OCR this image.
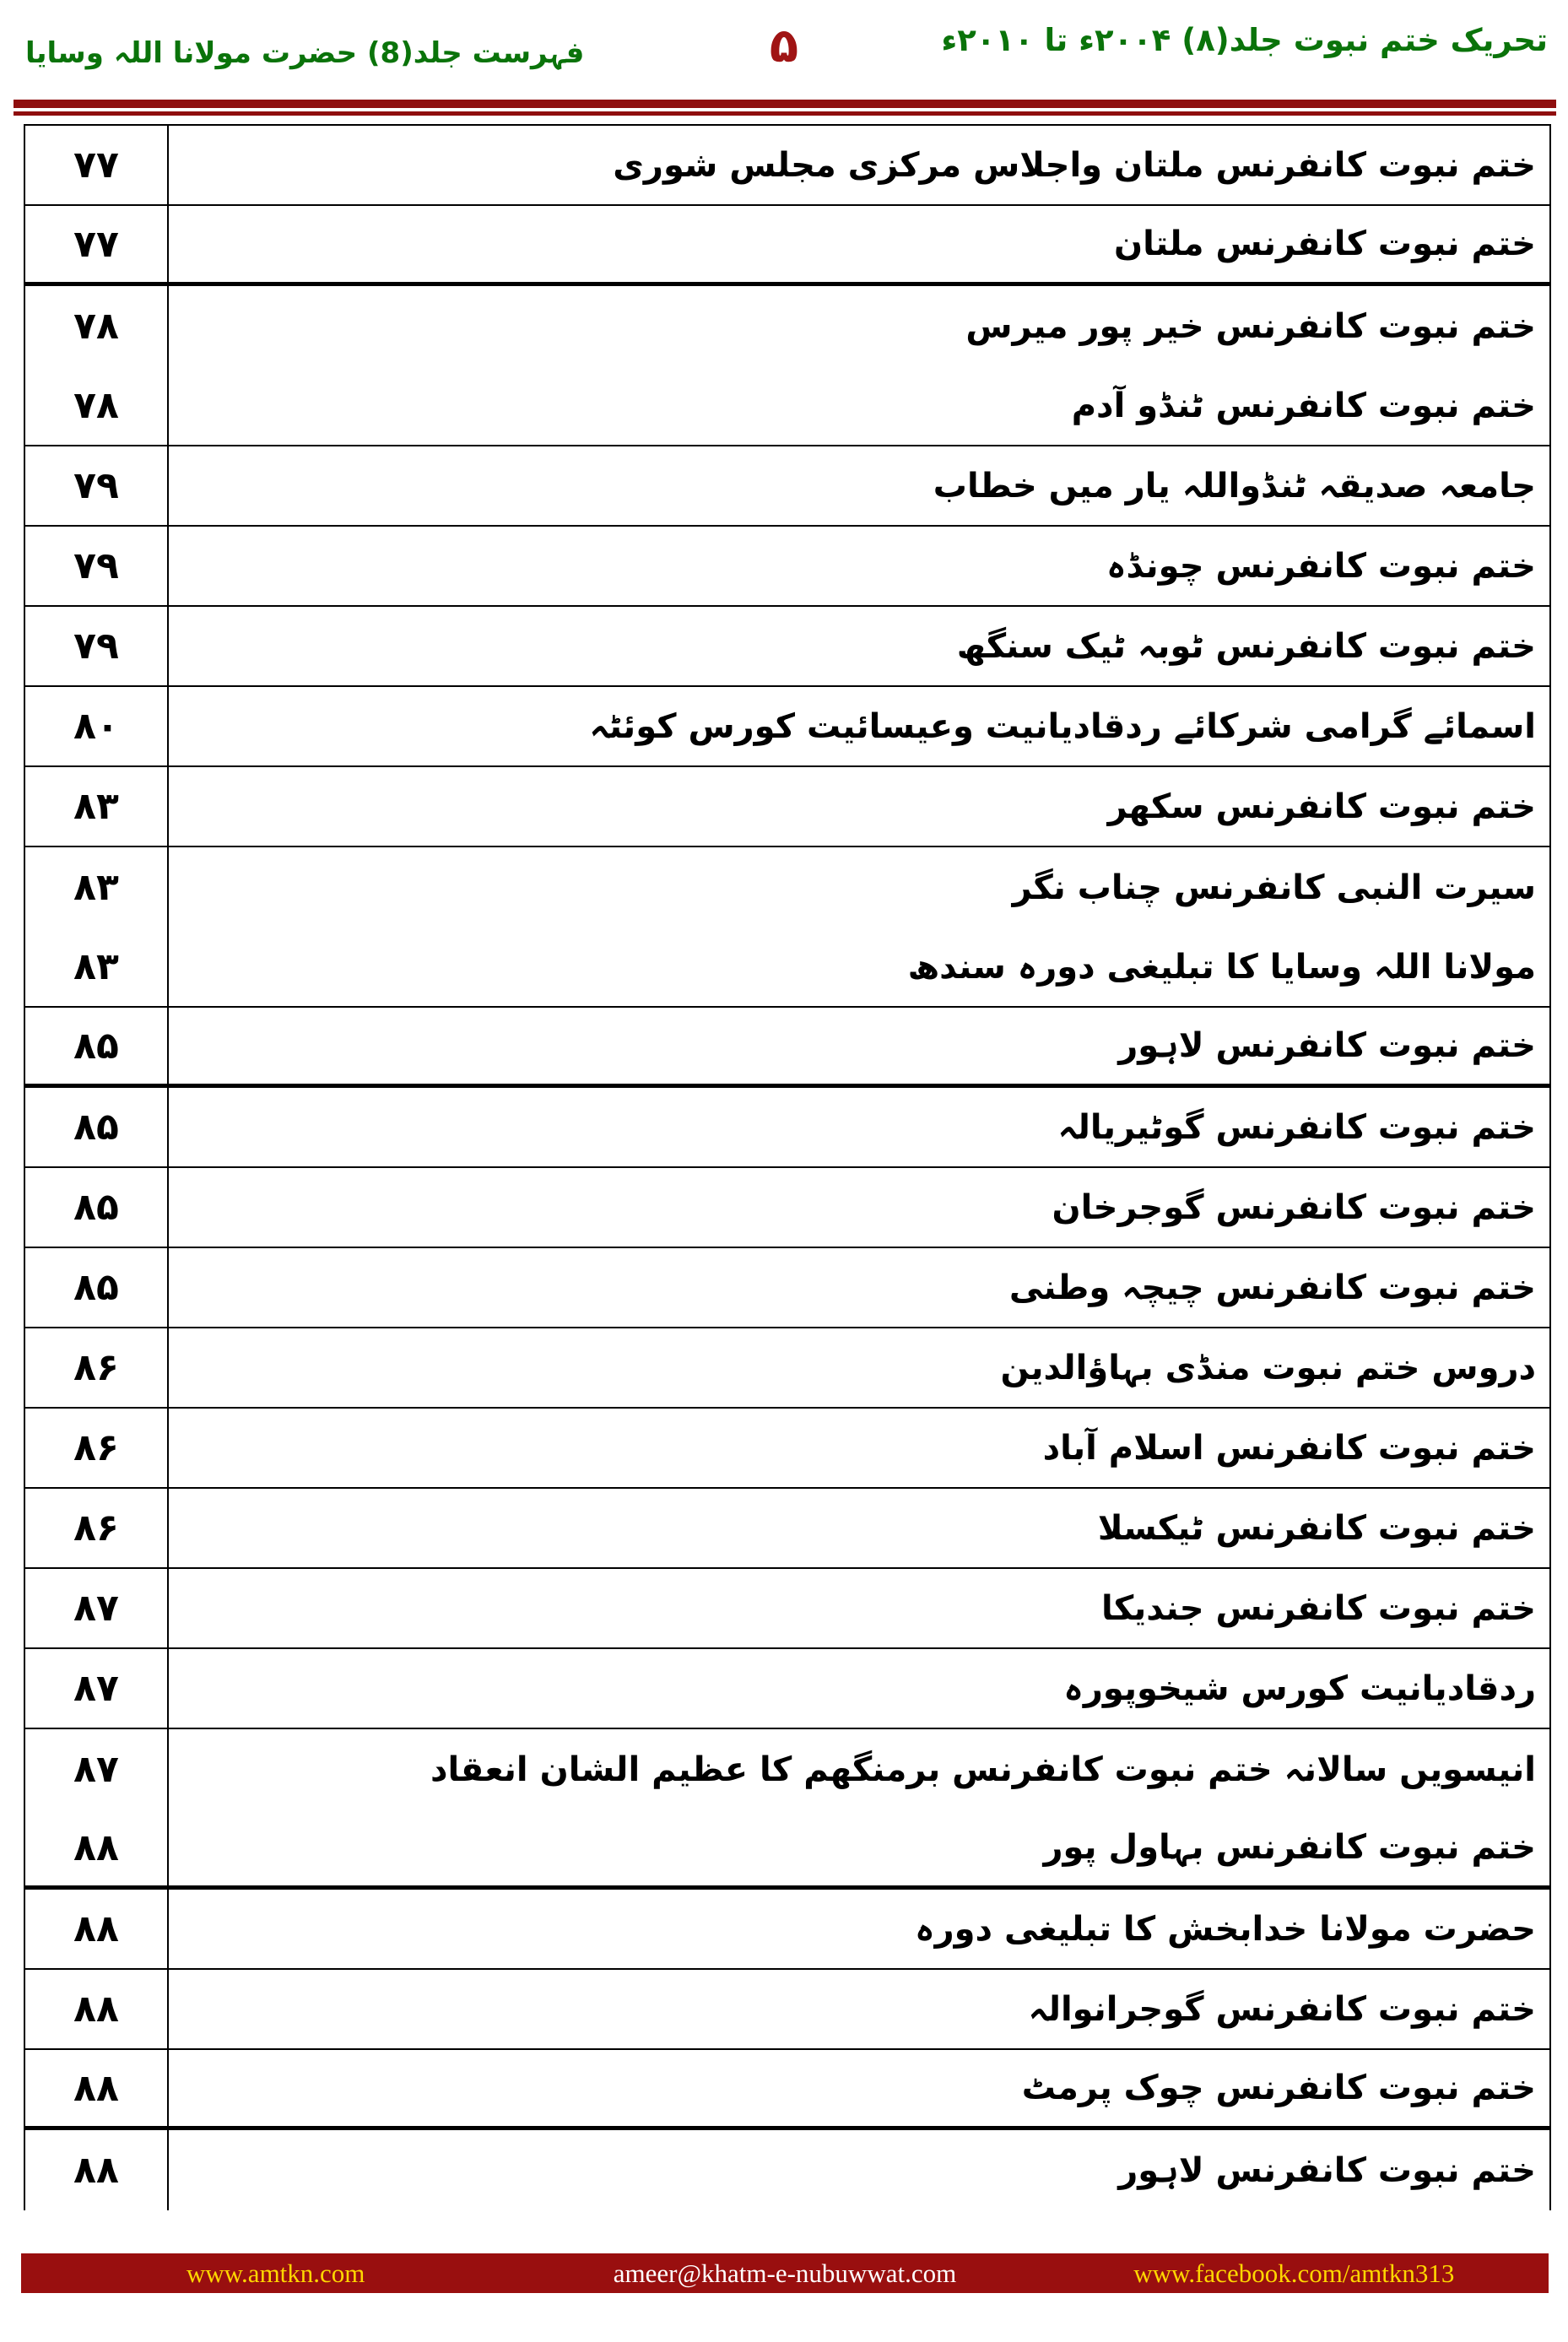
تحریک ختم نبوت جلد(۸) ۲۰۰۴ء تا ۲۰۱۰ء
۵
فہرست جلد(8) حضرت مولانا اللہ وسایا
۷۷	ختم نبوت کانفرنس ملتان واجلاس مرکزی مجلس شوری
۷۷	ختم نبوت کانفرنس ملتان
۷۸	ختم نبوت کانفرنس خیر پور میرس
۷۸	ختم نبوت کانفرنس ٹنڈو آدم
۷۹	جامعہ صدیقہ ٹنڈواللہ یار میں خطاب
۷۹	ختم نبوت کانفرنس چونڈہ
۷۹	ختم نبوت کانفرنس ٹوبہ ٹیک سنگھ
۸۰	اسمائے گرامی شرکائے ردقادیانیت وعیسائیت کورس کوئٹہ
۸۳	ختم نبوت کانفرنس سکھر
۸۳	سیرت النبی کانفرنس چناب نگر
۸۳	مولانا اللہ وسایا کا تبلیغی دورہ سندھ
۸۵	ختم نبوت کانفرنس لاہور
۸۵	ختم نبوت کانفرنس گوٹیریالہ
۸۵	ختم نبوت کانفرنس گوجرخان
۸۵	ختم نبوت کانفرنس چیچہ وطنی
۸۶	دروس ختم نبوت منڈی بہاؤالدین
۸۶	ختم نبوت کانفرنس اسلام آباد
۸۶	ختم نبوت کانفرنس ٹیکسلا
۸۷	ختم نبوت کانفرنس جندیکا
۸۷	ردقادیانیت کورس شیخوپورہ
۸۷	انیسویں سالانہ ختم نبوت کانفرنس برمنگھم کا عظیم الشان انعقاد
۸۸	ختم نبوت کانفرنس بہاول پور
۸۸	حضرت مولانا خدابخش کا تبلیغی دورہ
۸۸	ختم نبوت کانفرنس گوجرانوالہ
۸۸	ختم نبوت کانفرنس چوک پرمٹ
۸۸	ختم نبوت کانفرنس لاہور
www.amtkn.com	ameer@khatm-e-nubuwwat.com	www.facebook.com/amtkn313
